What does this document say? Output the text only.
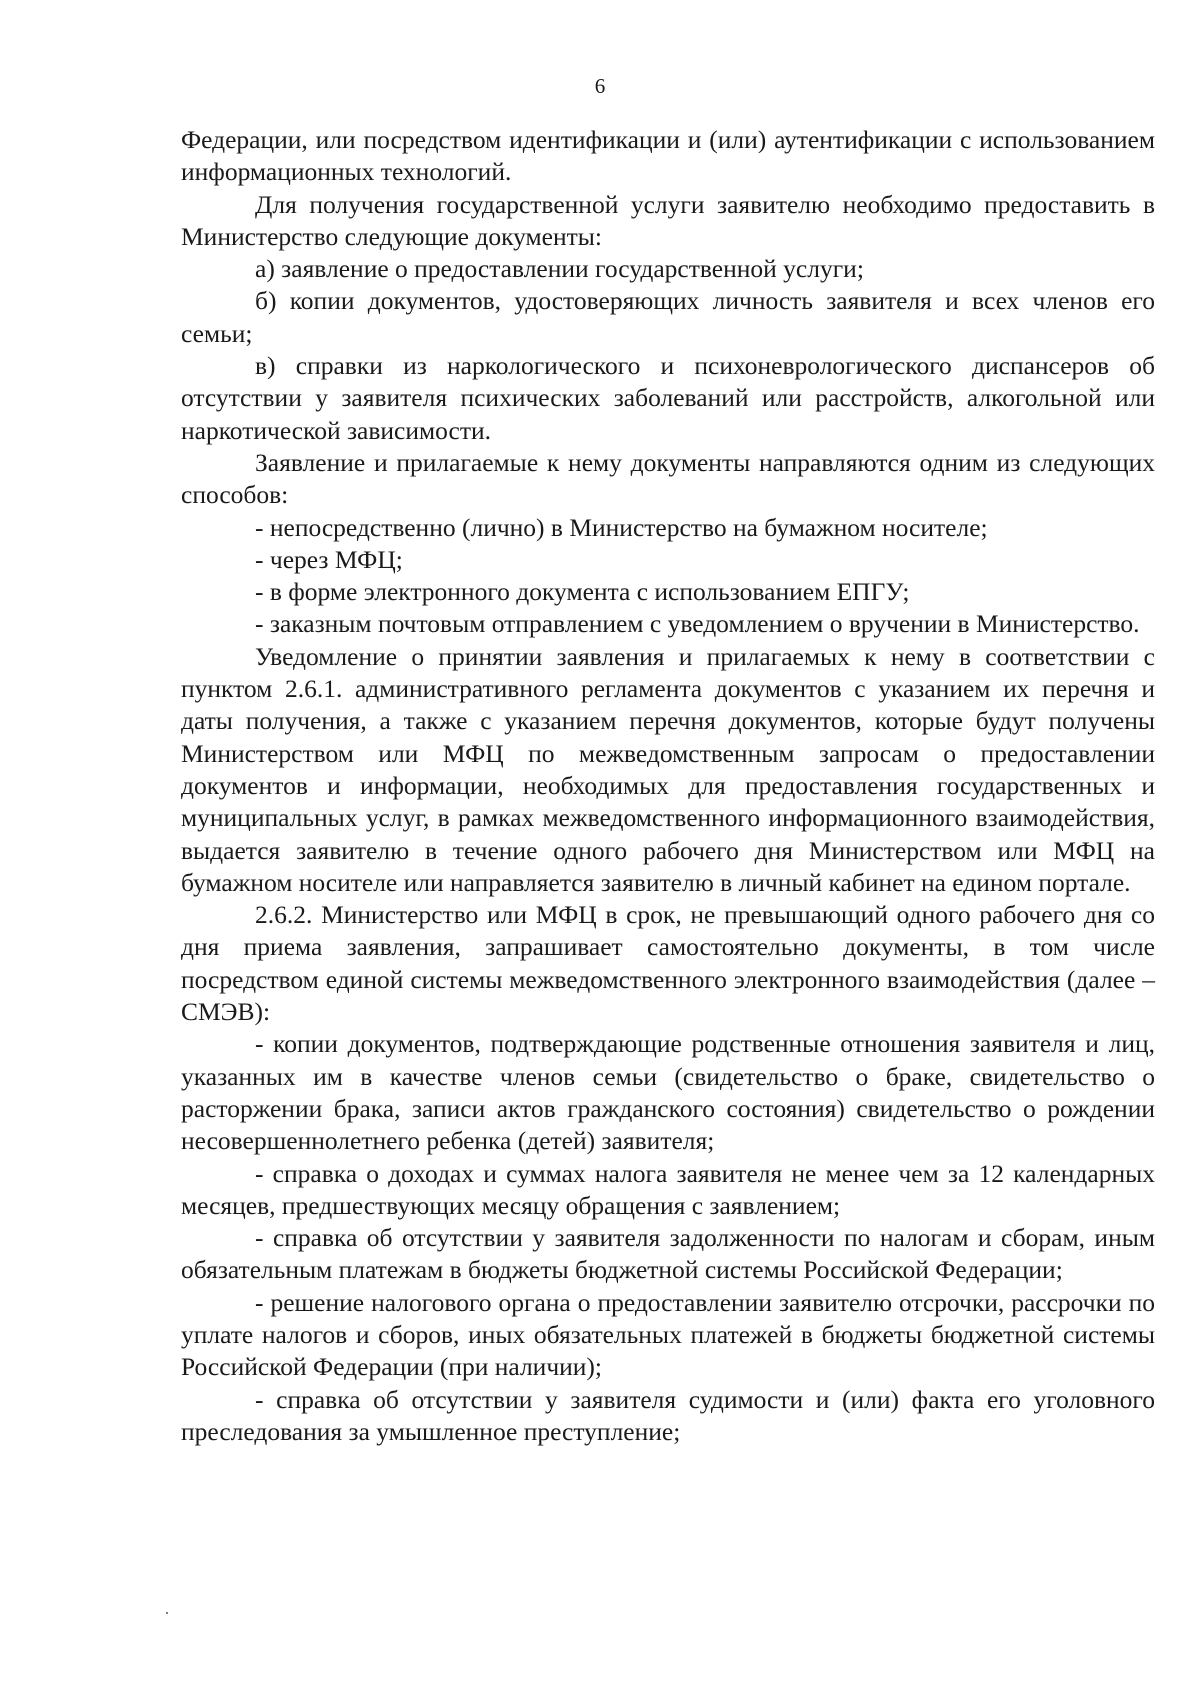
6

Федерации, или посредством идентификации и (или) аутентификации с использованием информационных технологий.

Для получения государственной услуги заявителю необходимо предоставить в Министерство следующие документы:

а) заявление о предоставлении государственной услуги;

б) копии документов, удостоверяющих личность заявителя и всех членов его семьи;

в) справки из наркологического и психоневрологического диспансеров об отсутствии у заявителя психических заболеваний или расстройств, алкогольной или наркотической зависимости.

Заявление и прилагаемые к нему документы направляются одним из следующих способов:

- непосредственно (лично) в Министерство на бумажном носителе;

- через МФЦ;

- в форме электронного документа с использованием ЕПГУ;

- заказным почтовым отправлением с уведомлением о вручении в Министерство.

Уведомление о принятии заявления и прилагаемых к нему в соответствии с пунктом 2.6.1. административного регламента документов с указанием их перечня и даты получения, а также с указанием перечня документов, которые будут получены Министерством или МФЦ по межведомственным запросам о предоставлении документов и информации, необходимых для предоставления государственных и муниципальных услуг, в рамках межведомственного информационного взаимодействия, выдается заявителю в течение одного рабочего дня Министерством или МФЦ на бумажном носителе или направляется заявителю в личный кабинет на едином портале.

2.6.2. Министерство или МФЦ в срок, не превышающий одного рабочего дня со дня приема заявления, запрашивает самостоятельно документы, в том числе посредством единой системы межведомственного электронного взаимодействия (далее – СМЭВ):

- копии документов, подтверждающие родственные отношения заявителя и лиц, указанных им в качестве членов семьи (свидетельство о браке, свидетельство о расторжении брака, записи актов гражданского состояния) свидетельство о рождении несовершеннолетнего ребенка (детей) заявителя;

- справка о доходах и суммах налога заявителя не менее чем за 12 календарных месяцев, предшествующих месяцу обращения с заявлением;

- справка об отсутствии у заявителя задолженности по налогам и сборам, иным обязательным платежам в бюджеты бюджетной системы Российской Федерации;

- решение налогового органа о предоставлении заявителю отсрочки, рассрочки по уплате налогов и сборов, иных обязательных платежей в бюджеты бюджетной системы Российской Федерации (при наличии);

- справка об отсутствии у заявителя судимости и (или) факта его уголовного преследования за умышленное преступление;
